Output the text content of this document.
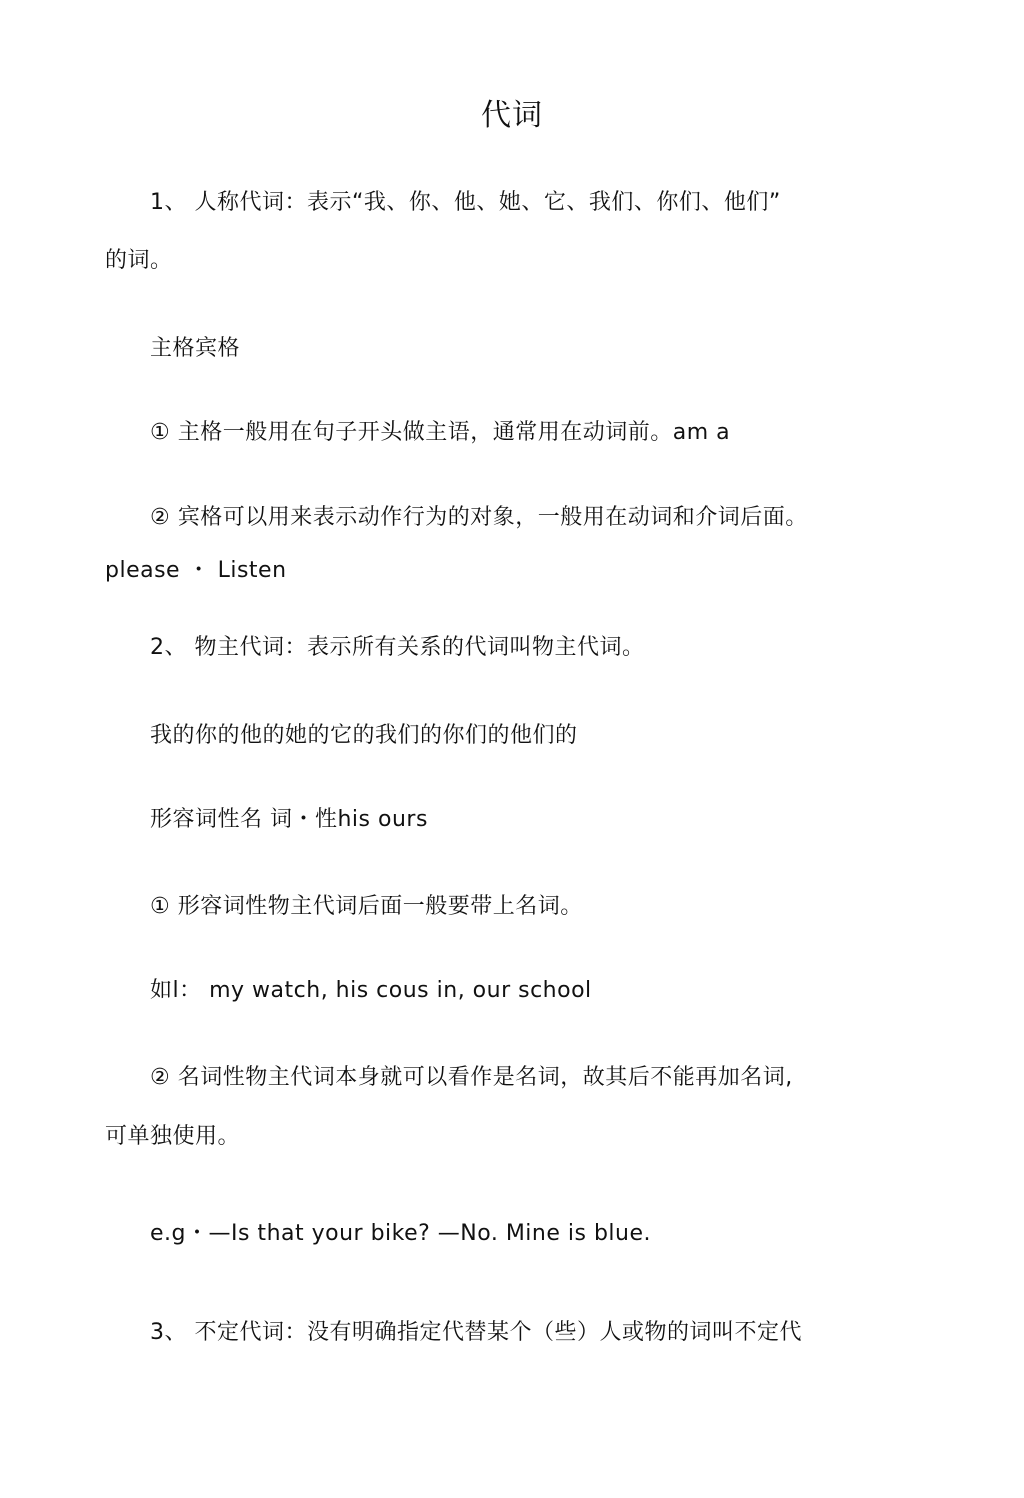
代词
1、 人称代词：表示“我、你、他、她、它、我们、你们、他们”
的词。
主格宾格
① 主格一般用在句子开头做主语，通常用在动词前。am a
② 宾格可以用来表示动作行为的对象，一般用在动词和介词后面。
please ・ Listen
2、 物主代词：表示所有关系的代词叫物主代词。
我的你的他的她的它的我们的你们的他们的
形容词性名 词・性his ours
① 形容词性物主代词后面一般要带上名词。
如l： my watch, his cous in, our school
② 名词性物主代词本身就可以看作是名词，故其后不能再加名词,
可单独使用。
e.g・—Is that your bike? —No. Mine is blue.
3、 不定代词：没有明确指定代替某个（些）人或物的词叫不定代
